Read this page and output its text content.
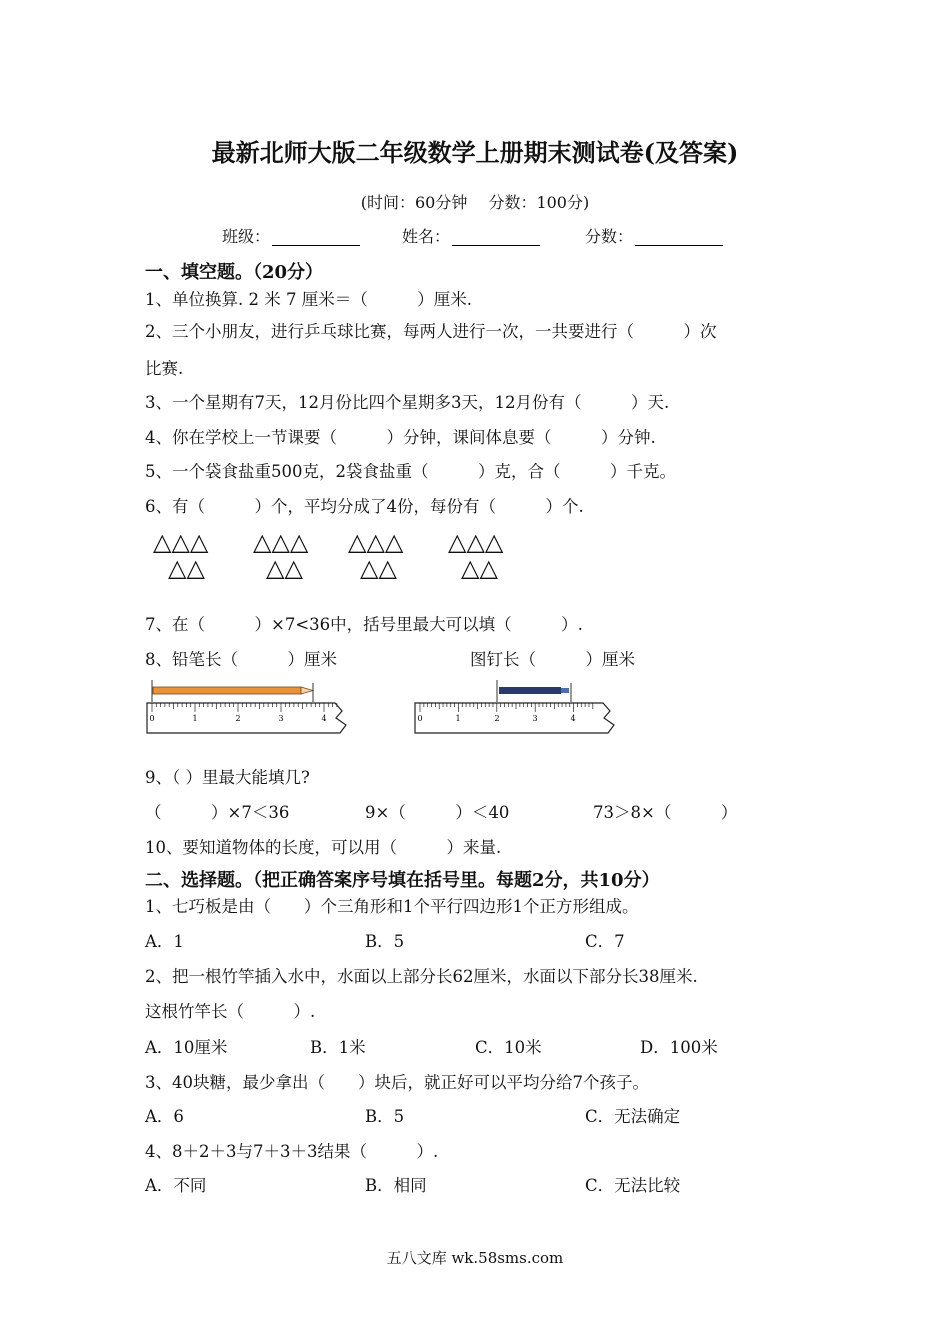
最新北师大版二年级数学上册期末测试卷(及答案)
(时间：60分钟　 分数：100分)
班级：	姓名：	分数：
一、填空题。（20分）
1、单位换算. 2 米 7 厘米＝（　　　）厘米.
2、三个小朋友，进行乒乓球比赛，每两人进行一次，一共要进行（　　　）次
比赛.
3、一个星期有7天，12月份比四个星期多3天，12月份有（　　　）天.
4、你在学校上一节课要（　　　）分钟，课间体息要（　　　）分钟.
5、一个袋食盐重500克，2袋食盐重（　　　）克，合（　　　）千克。
6、有（　　　）个，平均分成了4份，每份有（　　　）个.
△△△
△△
△△△
△△
△△△
△△
△△△
△△
7、在（　　　）×7<36中，括号里最大可以填（　　　）.
8、铅笔长（　　　）厘米	图钉长（　　　）厘米
0	1	2	3	4	0	1	2	3	4
9、（ ）里最大能填几?
（　　　）×7＜36	9×（　　　）＜40	73＞8×（　　　）
10、要知道物体的长度，可以用（　　　）来量.
二、选择题。（把正确答案序号填在括号里。每题2分，共10分）
1、七巧板是由（　　）个三角形和1个平行四边形1个正方形组成。
A．1	B．5	C．7
2、把一根竹竿插入水中，水面以上部分长62厘米，水面以下部分长38厘米.
这根竹竿长（　　　）.
A．10厘米	B．1米	C．10米	D．100米
3、40块糖，最少拿出（　　）块后，就正好可以平均分给7个孩子。
A．6	B．5	C．无法确定
4、8＋2＋3与7＋3＋3结果（　　　）.
A．不同	B．相同	C．无法比较
五八文库 wk.58sms.com
